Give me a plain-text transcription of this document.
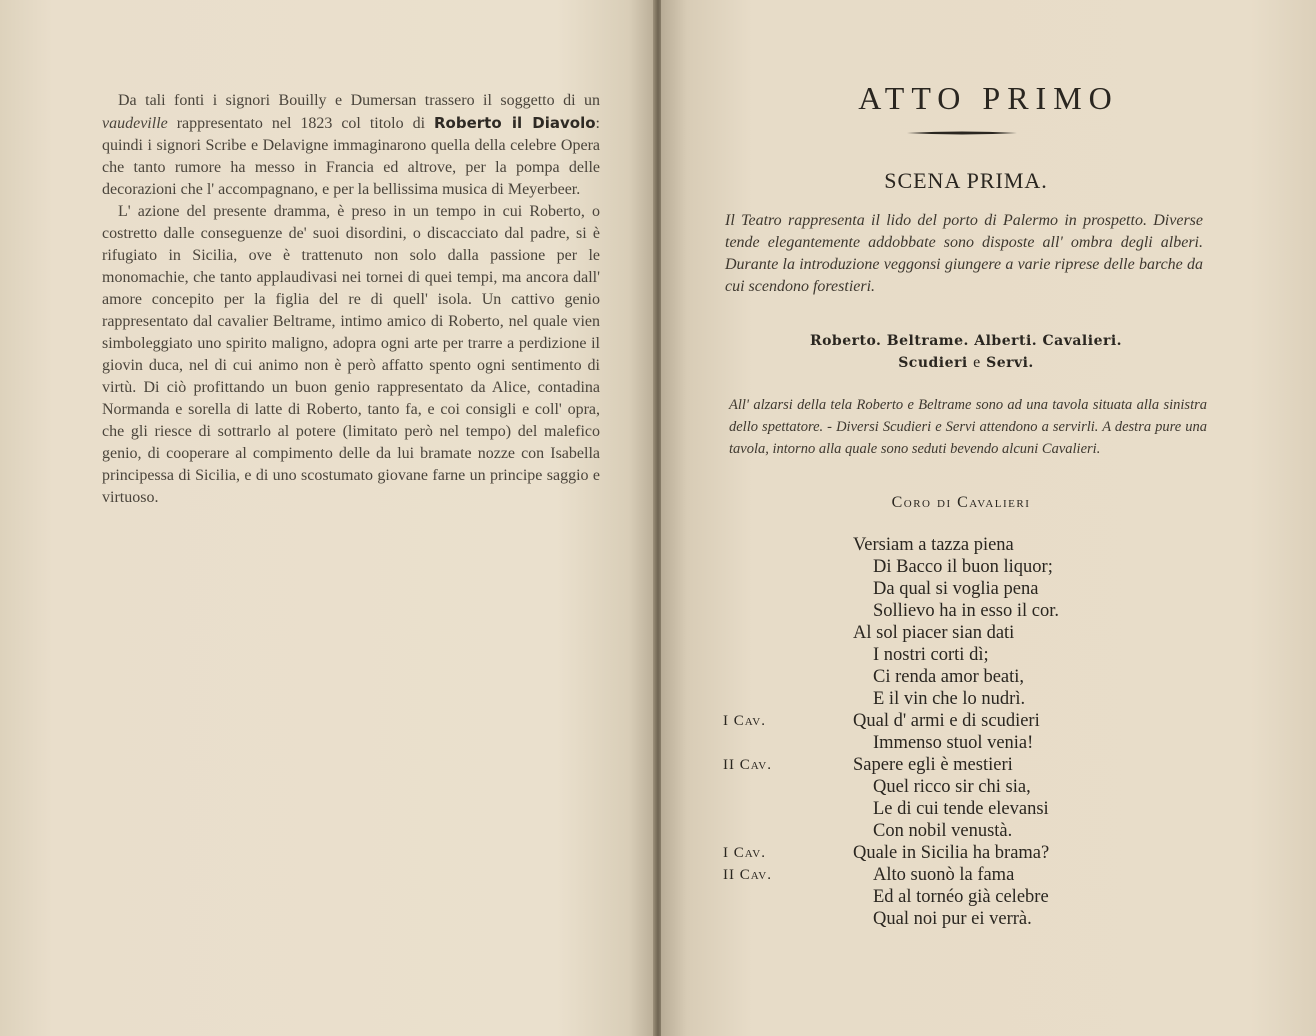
Da tali fonti i signori Bouilly e Dumersan trassero il soggetto di un vaudeville rappresentato nel 1823 col titolo di Roberto il Diavolo: quindi i signori Scribe e Delavigne immaginarono quella della celebre Opera che tanto rumore ha messo in Francia ed altrove, per la pompa delle decorazioni che l' accompagnano, e per la bellissima musica di Meyerbeer.

L' azione del presente dramma, è preso in un tempo in cui Roberto, o costretto dalle conseguenze de' suoi disordini, o discacciato dal padre, si è rifugiato in Sicilia, ove è trattenuto non solo dalla passione per le monomachie, che tanto applaudivasi nei tornei di quei tempi, ma ancora dall' amore concepito per la figlia del re di quell' isola. Un cattivo genio rappresentato dal cavalier Beltrame, intimo amico di Roberto, nel quale vien simboleggiato uno spirito maligno, adopra ogni arte per trarre a perdizione il giovin duca, nel di cui animo non è però affatto spento ogni sentimento di virtù. Di ciò profittando un buon genio rappresentato da Alice, contadina Normanda e sorella di latte di Roberto, tanto fa, e coi consigli e coll' opra, che gli riesce di sottrarlo al potere (limitato però nel tempo) del malefico genio, di cooperare al compimento delle da lui bramate nozze con Isabella principessa di Sicilia, e di uno scostumato giovane farne un principe saggio e virtuoso.

ATTO PRIMO
SCENA PRIMA.
Il Teatro rappresenta il lido del porto di Palermo in prospetto. Diverse tende elegantemente addobbate sono disposte all' ombra degli alberi. Durante la introduzione veggonsi giungere a varie riprese delle barche da cui scendono forestieri.
Roberto. Beltrame. Alberti. Cavalieri.
Scudieri e Servi.
All' alzarsi della tela Roberto e Beltrame sono ad una tavola situata alla sinistra dello spettatore. - Diversi Scudieri e Servi attendono a servirli. A destra pure una tavola, intorno alla quale sono seduti bevendo alcuni Cavalieri.
Coro di Cavalieri
Versiam a tazza piena
Di Bacco il buon liquor;
Da qual si voglia pena
Sollievo ha in esso il cor.
Al sol piacer sian dati
I nostri corti dì;
Ci renda amor beati,
E il vin che lo nudrì.
I Cav.	Qual d' armi e di scudieri
Immenso stuol venia!
II Cav.	Sapere egli è mestieri
Quel ricco sir chi sia,
Le di cui tende elevansi
Con nobil venustà.
I Cav.	Quale in Sicilia ha brama?
II Cav.	Alto suonò la fama
Ed al tornéo già celebre
Qual noi pur ei verrà.
